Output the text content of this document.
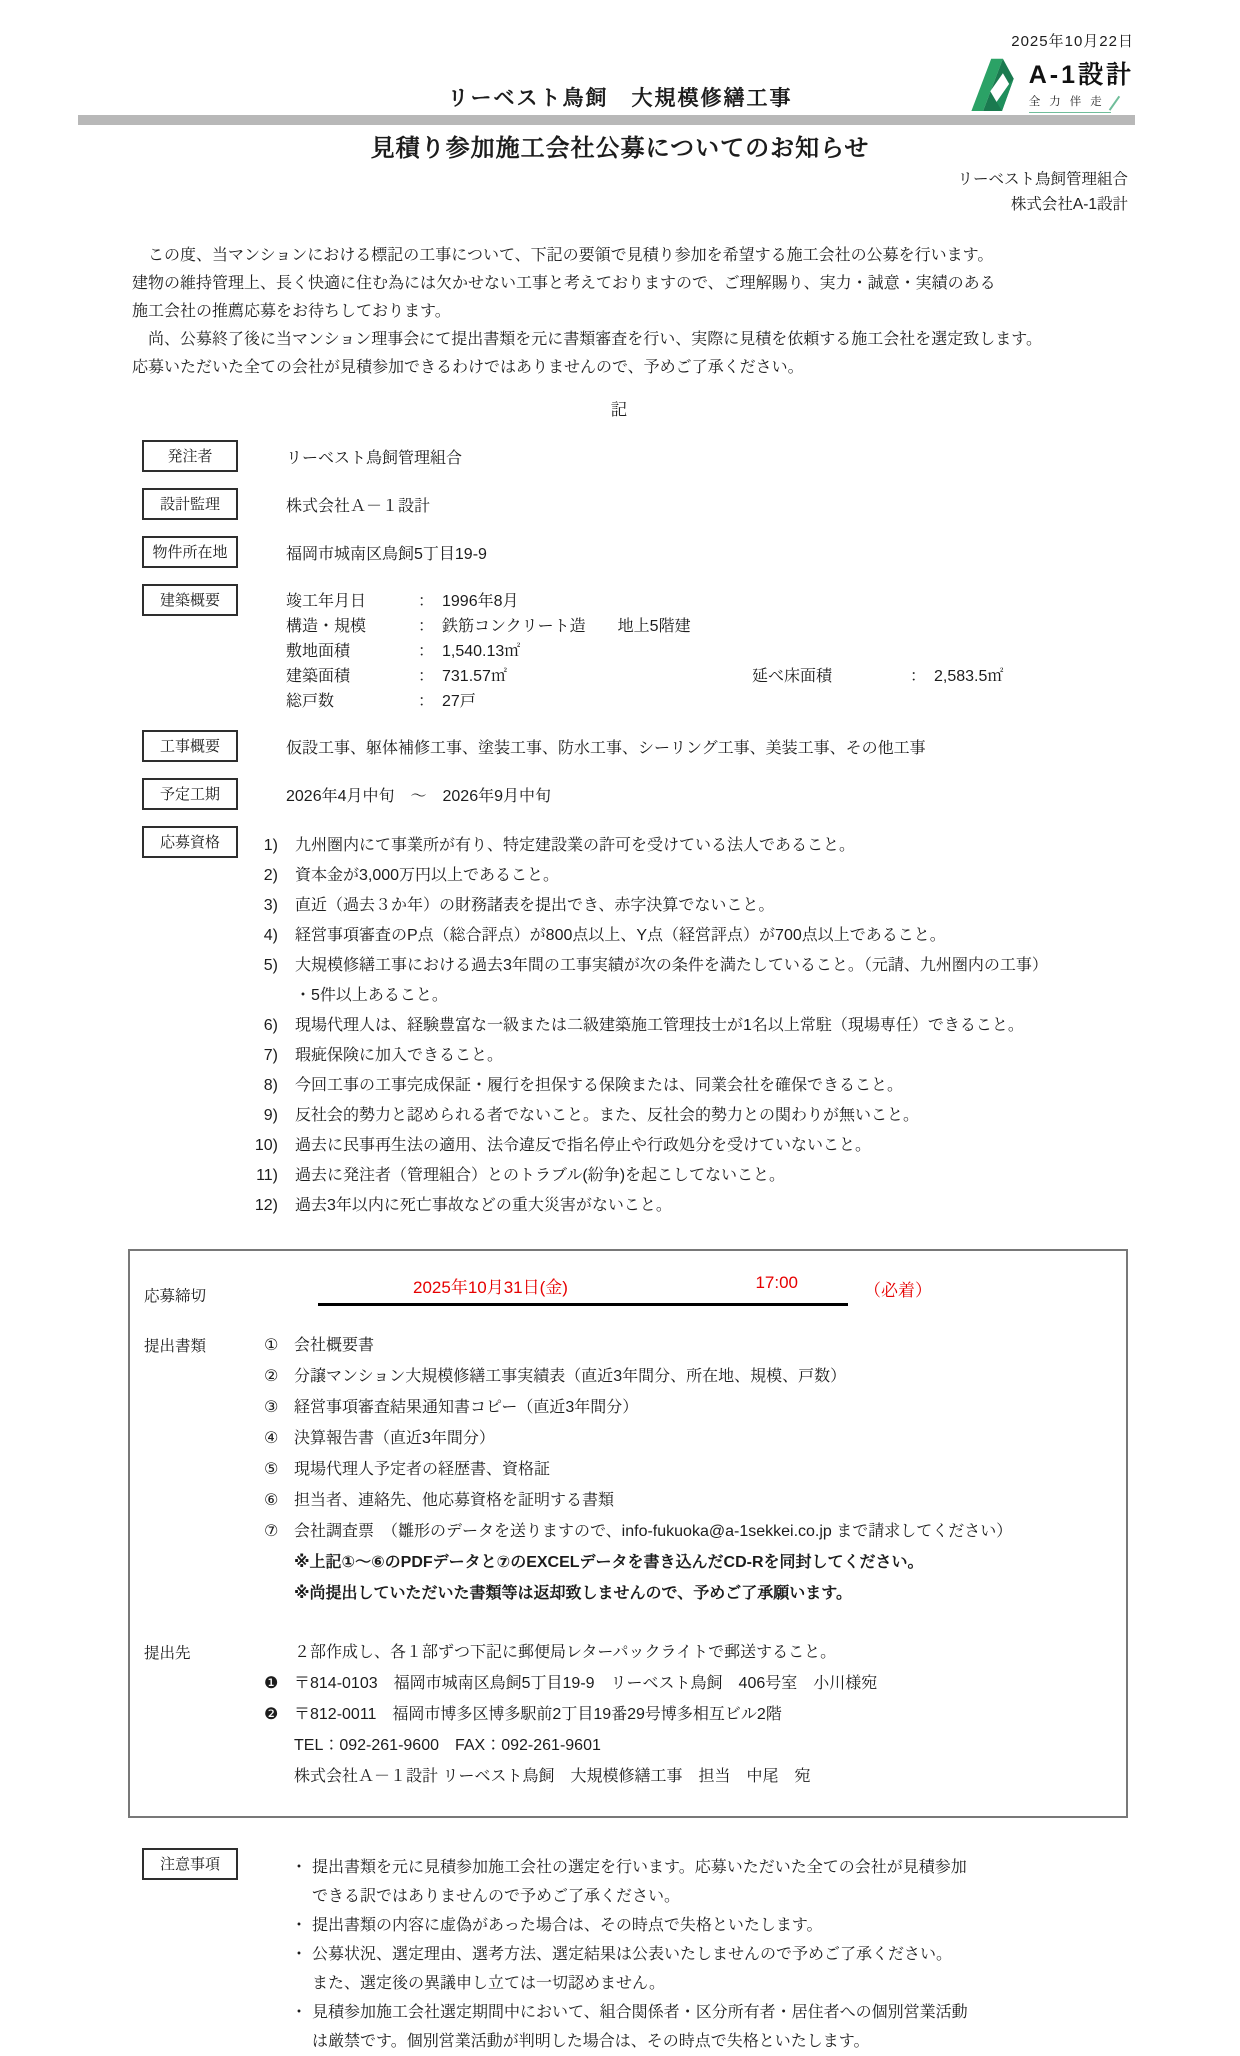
2025年10月22日
A-1設計
全力伴走
リーベスト鳥飼　大規模修繕工事
見積り参加施工会社公募についてのお知らせ
リーベスト鳥飼管理組合
株式会社A-1設計
　この度、当マンションにおける標記の工事について、下記の要領で見積り参加を希望する施工会社の公募を行います。
建物の維持管理上、長く快適に住む為には欠かせない工事と考えておりますので、ご理解賜り、実力・誠意・実績のある
施工会社の推薦応募をお待ちしております。
　尚、公募終了後に当マンション理事会にて提出書類を元に書類審査を行い、実際に見積を依頼する施工会社を選定致します。
応募いただいた全ての会社が見積参加できるわけではありませんので、予めご了承ください。
記
発注者	リーベスト鳥飼管理組合
設計監理	株式会社Ａ－１設計
物件所在地	福岡市城南区鳥飼5丁目19-9
建築概要	竣工年月日	： 1996年8月
構造・規模	： 鉄筋コンクリート造　　地上5階建
敷地面積	： 1,540.13㎡
建築面積	： 731.57㎡	延べ床面積	： 2,583.5㎡
総戸数	： 27戸
工事概要	仮設工事、躯体補修工事、塗装工事、防水工事、シーリング工事、美装工事、その他工事
予定工期	2026年4月中旬　～　2026年9月中旬
応募資格	1) 九州圏内にて事業所が有り、特定建設業の許可を受けている法人であること。
2) 資本金が3,000万円以上であること。
3) 直近（過去３か年）の財務諸表を提出でき、赤字決算でないこと。
4) 経営事項審査のP点（総合評点）が800点以上、Y点（経営評点）が700点以上であること。
5) 大規模修繕工事における過去3年間の工事実績が次の条件を満たしていること。（元請、九州圏内の工事）
・5件以上あること。
6) 現場代理人は、経験豊富な一級または二級建築施工管理技士が1名以上常駐（現場専任）できること。
7) 瑕疵保険に加入できること。
8) 今回工事の工事完成保証・履行を担保する保険または、同業会社を確保できること。
9) 反社会的勢力と認められる者でないこと。また、反社会的勢力との関わりが無いこと。
10) 過去に民事再生法の適用、法令違反で指名停止や行政処分を受けていないこと。
11) 過去に発注者（管理組合）とのトラブル(紛争)を起こしてないこと。
12) 過去3年以内に死亡事故などの重大災害がないこと。
応募締切	2025年10月31日(金)	17:00	（必着）
提出書類	① 会社概要書
② 分譲マンション大規模修繕工事実績表（直近3年間分、所在地、規模、戸数）
③ 経営事項審査結果通知書コピー（直近3年間分）
④ 決算報告書（直近3年間分）
⑤ 現場代理人予定者の経歴書、資格証
⑥ 担当者、連絡先、他応募資格を証明する書類
⑦ 会社調査票　（雛形のデータを送りますので、info-fukuoka@a-1sekkei.co.jp まで請求してください）
※上記①～⑥のPDFデータと⑦のEXCELデータを書き込んだCD-Rを同封してください。
※尚提出していただいた書類等は返却致しませんので、予めご了承願います。
提出先	２部作成し、各１部ずつ下記に郵便局レターパックライトで郵送すること。
❶ 〒814-0103　福岡市城南区鳥飼5丁目19-9　リーベスト鳥飼　406号室　小川様宛
❷ 〒812-0011　福岡市博多区博多駅前2丁目19番29号博多相互ビル2階
TEL：092-261-9600　FAX：092-261-9601
株式会社Ａ－１設計 リーベスト鳥飼　大規模修繕工事　担当　中尾　宛
注意事項	・ 提出書類を元に見積参加施工会社の選定を行います。応募いただいた全ての会社が見積参加
できる訳ではありませんので予めご了承ください。
・ 提出書類の内容に虚偽があった場合は、その時点で失格といたします。
・ 公募状況、選定理由、選考方法、選定結果は公表いたしませんので予めご了承ください。
また、選定後の異議申し立ては一切認めません。
・ 見積参加施工会社選定期間中において、組合関係者・区分所有者・居住者への個別営業活動
は厳禁です。個別営業活動が判明した場合は、その時点で失格といたします。
